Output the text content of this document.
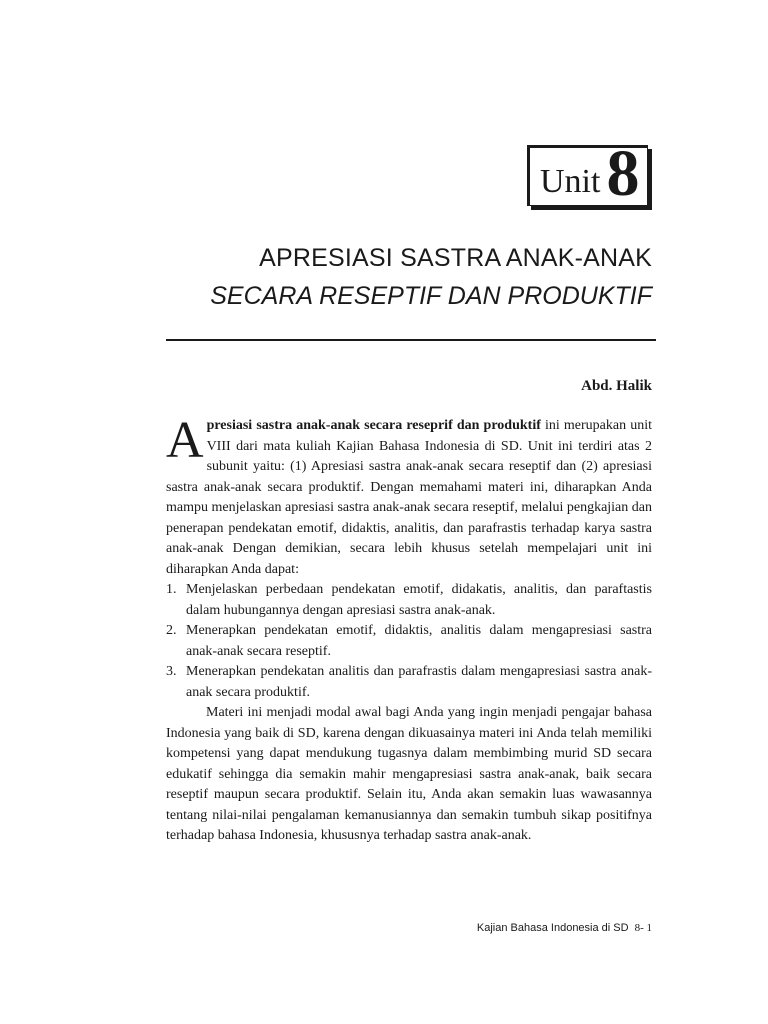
Unit 8
APRESIASI SASTRA ANAK-ANAK
SECARA RESEPTIF DAN PRODUKTIF
Abd. Halik

Apresiasi sastra anak-anak secara reseprif dan produktif ini merupakan unit VIII dari mata kuliah Kajian Bahasa Indonesia di SD. Unit ini terdiri atas 2 subunit yaitu: (1) Apresiasi sastra anak-anak secara reseptif dan (2) apresiasi sastra anak-anak secara produktif. Dengan memahami materi ini, diharapkan Anda mampu menjelaskan apresiasi sastra anak-anak secara reseptif, melalui pengkajian dan penerapan pendekatan emotif, didaktis, analitis, dan parafrastis terhadap karya sastra anak-anak Dengan demikian, secara lebih khusus setelah mempelajari unit ini diharapkan Anda dapat:

1. Menjelaskan perbedaan pendekatan emotif, didakatis, analitis, dan paraftastis dalam hubungannya dengan apresiasi sastra anak-anak.
2. Menerapkan pendekatan emotif, didaktis, analitis dalam mengapresiasi sastra anak-anak secara reseptif.
3. Menerapkan pendekatan analitis dan parafrastis dalam mengapresiasi sastra anak-anak secara produktif.

Materi ini menjadi modal awal bagi Anda yang ingin menjadi pengajar bahasa Indonesia yang baik di SD, karena dengan dikuasainya materi ini Anda telah memiliki kompetensi yang dapat mendukung tugasnya dalam membimbing murid SD secara edukatif sehingga dia semakin mahir mengapresiasi sastra anak-anak, baik secara reseptif maupun secara produktif. Selain itu, Anda akan semakin luas wawasannya tentang nilai-nilai pengalaman kemanusiannya dan semakin tumbuh sikap positifnya terhadap bahasa Indonesia, khususnya terhadap sastra anak-anak.

Kajian Bahasa Indonesia di SD 8- 1
